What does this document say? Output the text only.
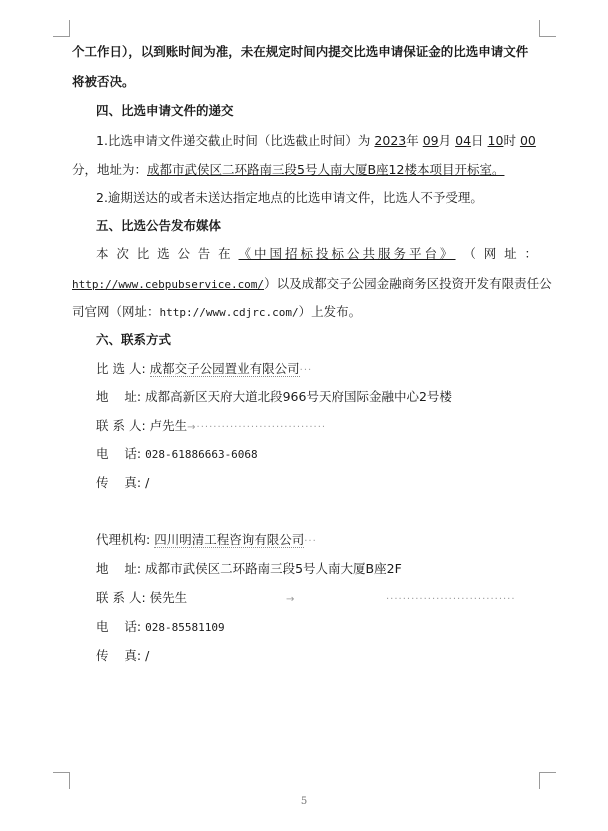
个工作日），以到账时间为准，未在规定时间内提交比选申请保证金的比选申请文件
将被否决。
四、比选申请文件的递交
1.比选申请文件递交截止时间（比选截止时间）为 2023年 09月 04日 10时 00
分，地址为：成都市武侯区二环路南三段5号人南大厦B座12楼本项目开标室。
2.逾期送达的或者未送达指定地点的比选申请文件，比选人不予受理。
五、比选公告发布媒体
本 次 比 选 公 告 在 《中国招标投标公共服务平台》 （ 网 址 ：
http://www.cebpubservice.com/）以及成都交子公园金融商务区投资开发有限责任公
司官网（网址：http://www.cdjrc.com/）上发布。
六、联系方式
比 选 人: 成都交子公园置业有限公司···
地    址: 成都高新区天府大道北段966号天府国际金融中心2号楼
联 系 人: 卢先生→·······························
电    话: 028-61886663-6068
传    真: /
代理机构: 四川明清工程咨询有限公司···
地    址: 成都市武侯区二环路南三段5号人南大厦B座2F
联 系 人: 侯先生	→	·······························
电    话: 028-85581109
传    真: /
5
